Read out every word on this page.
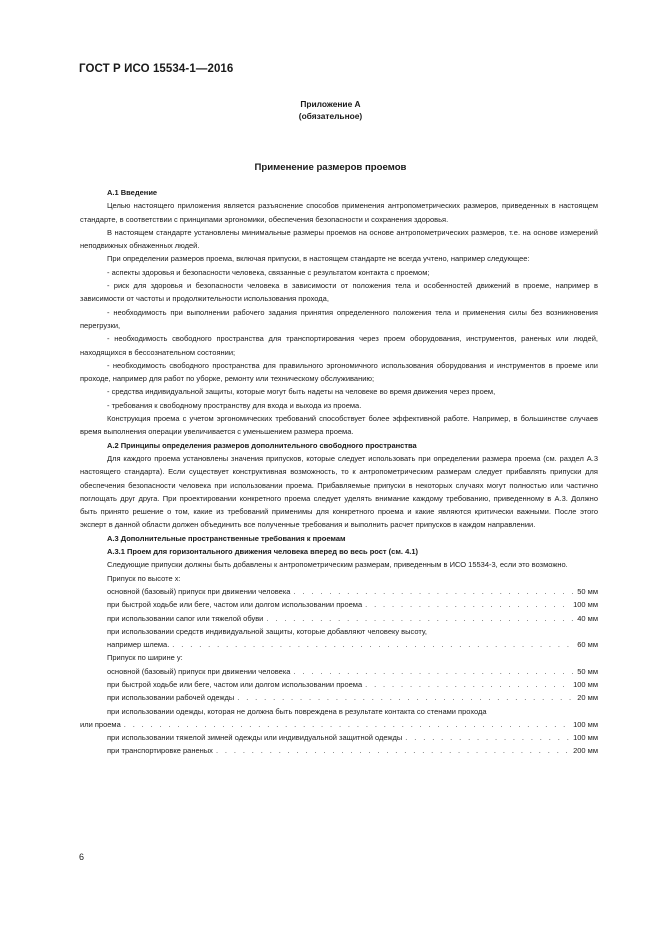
ГОСТ Р ИСО 15534-1—2016
Приложение А
(обязательное)
Применение размеров проемов

А.1 Введение

Целью настоящего приложения является разъяснение способов применения антропометрических размеров, приведенных в настоящем стандарте, в соответствии с принципами эргономики, обеспечения безопасности и сохранения здоровья.

В настоящем стандарте установлены минимальные размеры проемов на основе антропометрических размеров, т.е. на основе измерений неподвижных обнаженных людей.

При определении размеров проема, включая припуски, в настоящем стандарте не всегда учтено, например следующее:

- аспекты здоровья и безопасности человека, связанные с результатом контакта с проемом;

- риск для здоровья и безопасности человека в зависимости от положения тела и особенностей движений в проеме, например в зависимости от частоты и продолжительности использования прохода,

- необходимость при выполнении рабочего задания принятия определенного положения тела и применения силы без возникновения перегрузки,

- необходимость свободного пространства для транспортирования через проем оборудования, инструментов, раненых или людей, находящихся в бессознательном состоянии;

- необходимость свободного пространства для правильного эргономичного использования оборудования и инструментов в проеме или проходе, например для работ по уборке, ремонту или техническому обслуживанию;

- средства индивидуальной защиты, которые могут быть надеты на человеке во время движения через проем,

- требования к свободному пространству для входа и выхода из проема.

Конструкция проема с учетом эргономических требований способствует более эффективной работе. Например, в большинстве случаев время выполнения операции увеличивается с уменьшением размера проема.

А.2 Принципы определения размеров дополнительного свободного пространства

Для каждого проема установлены значения припусков, которые следует использовать при определении размера проема (см. раздел А.3 настоящего стандарта). Если существует конструктивная возможность, то к антропометрическим размерам следует прибавлять припуски для обеспечения безопасности человека при использовании проема. Прибавляемые припуски в некоторых случаях могут полностью или частично поглощать друг друга. При проектировании конкретного проема следует уделять внимание каждому требованию, приведенному в А.3. Должно быть принято решение о том, какие из требований применимы для конкретного проема и какие являются критически важными. После этого эксперт в данной области должен объединить все полученные требования и выполнить расчет припусков в каждом направлении.

А.3 Дополнительные пространственные требования к проемам

А.3.1 Проем для горизонтального движения человека вперед во весь рост (см. 4.1)

Следующие припуски должны быть добавлены к антропометрическим размерам, приведенным в ИСО 15534-3, если это возможно.

Припуск по высоте x:

основной (базовый) припуск при движении человека . . .	50 мм
при быстрой ходьбе или беге, частом или долгом использовании проема . . .	100 мм
при использовании сапог или тяжелой обуви . . .	40 мм

при использовании средств индивидуальной защиты, которые добавляют человеку высоту,

например шлема. . . .	60 мм

Припуск по ширине y:

основной (базовый) припуск при движении человека . . .	50 мм
при быстрой ходьбе или беге, частом или долгом использовании проема . . .	100 мм
при использовании рабочей одежды . . .	20 мм

при использовании одежды, которая не должна быть повреждена в результате контакта со стенами прохода

или проема . . .	100 мм
при использовании тяжелой зимней одежды или индивидуальной защитной одежды . . .	100 мм
при транспортировке раненых . . .	200 мм
6
